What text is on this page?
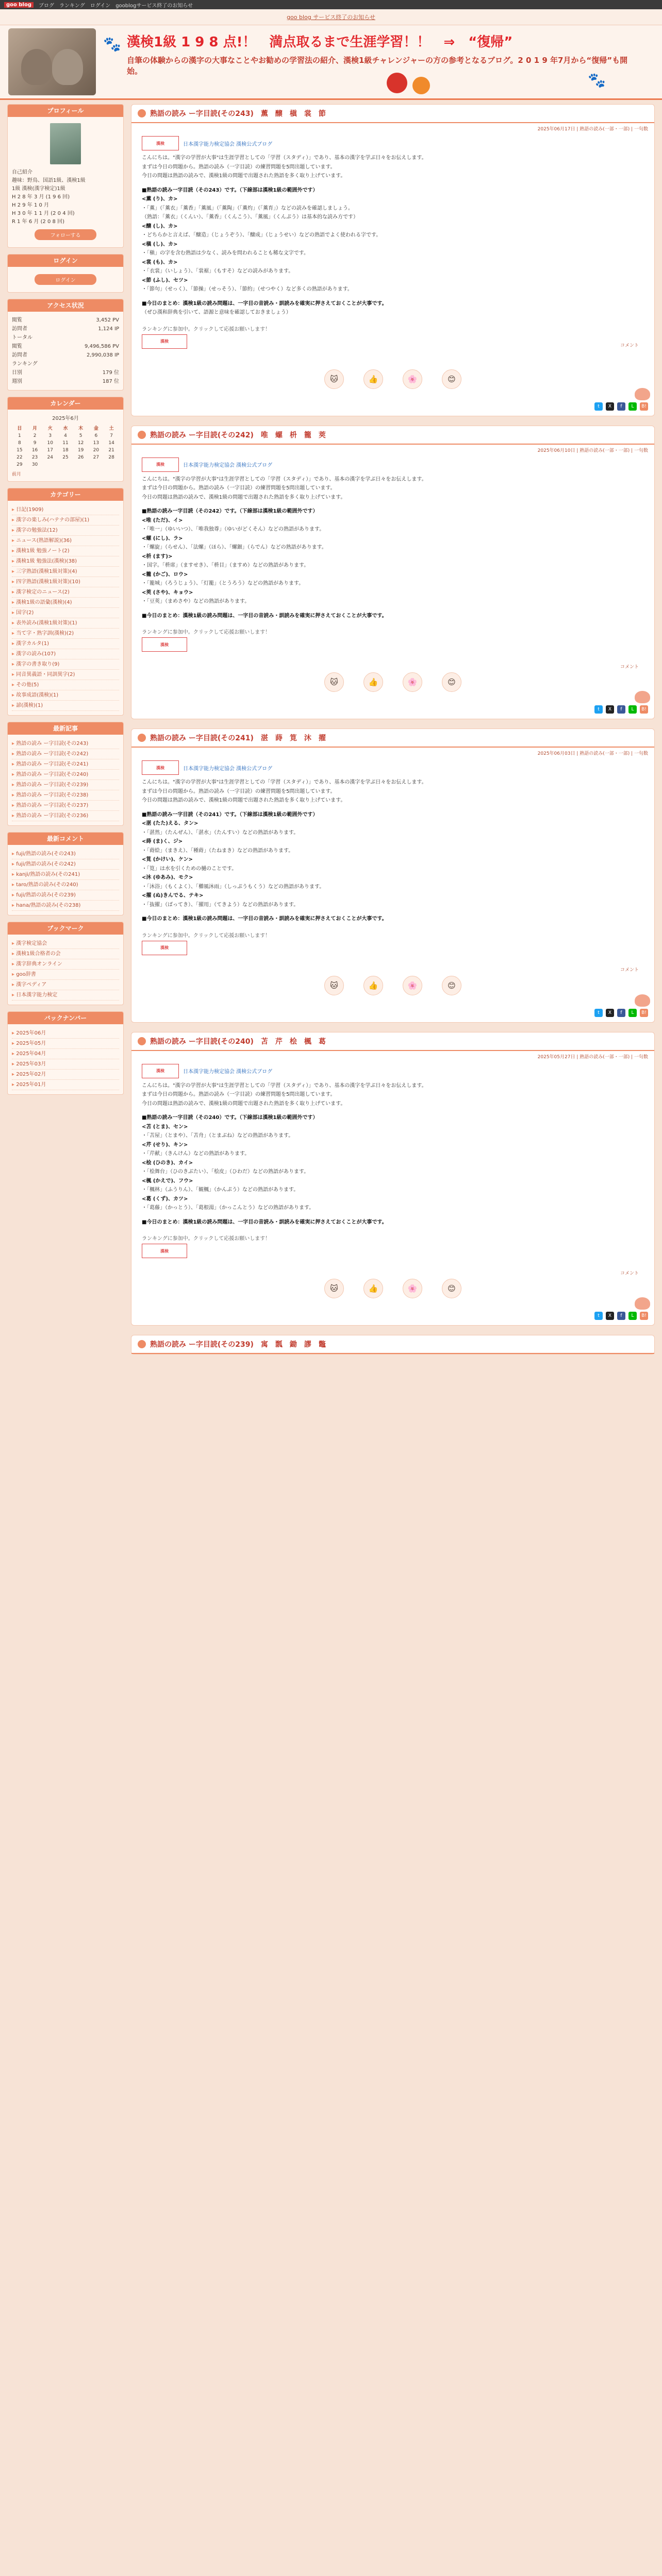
goo blog	ブログ ランキング ログイン gooblogサービス終了のお知らせ
goo blog サービス終了のお知らせ
漢検1級 1 9 8 点!！　満点取るまで生涯学習！！　⇒　“復帰”
自筆の体験からの漢字の大事なことやお勧めの学習法の紹介、漢検1級チャレンジャーの方の参考となるブログ。2 0 1 9 年7月から“復帰”も開始。
🐾
🐾
プロフィール
自己紹介
趣味：野鳥、国語1級、漢検1級
1級 漢検(漢字検定)1級
H 2 8 年 3 月 (1 9 6 回)
H 2 9 年 1 0 月
H 3 0 年 1 1 月 (2 0 4 回)
R 1 年 6 月 (2 0 8 回)
フォローする
ログイン
ログイン
アクセス状況
閲覧	3,452 PV
訪問者	1,124 IP
トータル
閲覧	9,496,586 PV
訪問者	2,990,038 IP
ランキング
日別	179 位
週別	187 位
カレンダー
2025年6月
日	月	火	水	木	金	土
1	2	3	4	5	6	7
8	9	10	11	12	13	14
15	16	17	18	19	20	21
22	23	24	25	26	27	28
29	30					
前月
カテゴリー
▸ 日記(1909)
▸ 漢字の楽しみ(ハテナの部屋)(1)
▸ 漢字の勉強法(12)
▸ ニュース(熟語解説)(36)
▸ 漢検1級 勉強ノート(2)
▸ 漢検1級 勉強法(漢検)(38)
▸ 三字熟語(漢検1級対策)(4)
▸ 四字熟語(漢検1級対策)(10)
▸ 漢字検定のニュース(2)
▸ 漢検1級の語彙(漢検)(4)
▸ 国字(2)
▸ 表外読み(漢検1級対策)(1)
▸ 当て字・熟字訓(漢検)(2)
▸ 漢字カルタ(1)
▸ 漢字の読み(107)
▸ 漢字の書き取り(9)
▸ 同音異義語・同訓異字(2)
▸ その他(5)
▸ 故事成語(漢検)(1)
▸ 諺(漢検)(1)
最新記事
▸ 熟語の読み ー字目読(その243)
▸ 熟語の読み ー字目読(その242)
▸ 熟語の読み ー字目読(その241)
▸ 熟語の読み ー字目読(その240)
▸ 熟語の読み ー字目読(その239)
▸ 熟語の読み ー字目読(その238)
▸ 熟語の読み ー字目読(その237)
▸ 熟語の読み ー字目読(その236)
最新コメント
▸ fuji/熟語の読み(その243)
▸ fuji/熟語の読み(その242)
▸ kanji/熟語の読み(その241)
▸ taro/熟語の読み(その240)
▸ fuji/熟語の読み(その239)
▸ hana/熟語の読み(その238)
ブックマーク
▸ 漢字検定協会
▸ 漢検1級合格者の会
▸ 漢字辞典オンライン
▸ goo辞書
▸ 漢字ペディア
▸ 日本漢字能力検定
バックナンバー
▸ 2025年06月
▸ 2025年05月
▸ 2025年04月
▸ 2025年03月
▸ 2025年02月
▸ 2025年01月
熟語の読み ー字目読(その243)　薫　醸　槇　裳　節
2025年06月17日 | 熟語の読み(一部・一部) | 一句数
漢検	日本漢字能力検定協会 漢検公式ブログ

こんにちは。"漢字の学習が大事"は生涯学習としての「学習（スタディ）」であり、基本の漢字を学ぶ日々をお伝えします。

まずは今日の問題から。熟語の読み（一字目読）の練習問題を5問出題しています。

今日の問題は熟語の読みで、漢検1級の問題で出題された熟語を多く取り上げています。

■熟語の読み一字目読（その243）です。（下線部は漢検1級の範囲外です）

<薫 (り)、カ>

・「薫」（「薫衣」「薫香」「薫風」（「薫陶」（「薫灼」（「薫育」）などの読みを確認しましょう。

（熟語：「薫衣」（くんい）、「薫香」（くんこう）、「薫風」（くんぷう）は基本的な読み方です）

<醸 (し)、カ>

・どちらかと言えば、「醸造」（じょうぞう）、「醸成」（じょうせい）などの熟語でよく使われる字です。

<槇 (し)、カ>

・「槇」の字を含む熟語は少なく、読みを問われることも稀な文字です。

<裳 (も)、カ>

・「衣裳」（いしょう）、「裳裾」（もすそ）などの読みがあります。

<節 (ふし)、セツ>

・「節句」（せっく）、「節操」（せっそう）、「節約」（せつやく）など多くの熟語があります。

■今日のまとめ：漢検1級の読み問題は、一字目の音読み・訓読みを確実に押さえておくことが大事です。

（ぜひ漢和辞典を引いて、語源と意味を確認しておきましょう）

ランキングに参加中。クリックして応援お願いします！
漢検
🐱	👍	🌸	😊
コメント
t	X	f	L	B!
熟語の読み ー字目読(その242)　唯　螺　枡　籠　莢
2025年06月10日 | 熟語の読み(一部・一部) | 一句数
漢検	日本漢字能力検定協会 漢検公式ブログ

こんにちは。"漢字の学習が大事"は生涯学習としての「学習（スタディ）」であり、基本の漢字を学ぶ日々をお伝えします。

まずは今日の問題から。熟語の読み（一字目読）の練習問題を5問出題しています。

今日の問題は熟語の読みで、漢検1級の問題で出題された熟語を多く取り上げています。

■熟語の読み一字目読（その242）です。（下線部は漢検1級の範囲外です）

<唯 (ただ)、イ>

・「唯一」（ゆいいつ）、「唯我独尊」（ゆいがどくそん）などの熟語があります。

<螺 (にし)、ラ>

・「螺旋」（らせん）、「法螺」（ほら）、「螺鈿」（らでん）などの熟語があります。

<枡 (ます)>

・国字。「枡席」（ますせき）、「枡目」（ますめ）などの熟語があります。

<籠 (かご)、ロウ>

・「籠城」（ろうじょう）、「灯籠」（とうろう）などの熟語があります。

<莢 (さや)、キョウ>

・「豆莢」（まめさや）などの熟語があります。

■今日のまとめ：漢検1級の読み問題は、一字目の音読み・訓読みを確実に押さえておくことが大事です。

ランキングに参加中。クリックして応援お願いします！
漢検
🐱	👍	🌸	😊
コメント
t	X	f	L	B!
熟語の読み ー字目読(その241)　湛　蒔　筧　沐　擢
2025年06月03日 | 熟語の読み(一部・一部) | 一句数
漢検	日本漢字能力検定協会 漢検公式ブログ

こんにちは。"漢字の学習が大事"は生涯学習としての「学習（スタディ）」であり、基本の漢字を学ぶ日々をお伝えします。

まずは今日の問題から。熟語の読み（一字目読）の練習問題を5問出題しています。

今日の問題は熟語の読みで、漢検1級の問題で出題された熟語を多く取り上げています。

■熟語の読み一字目読（その241）です。（下線部は漢検1級の範囲外です）

<湛 (たた)える、タン>

・「湛然」（たんぜん）、「湛水」（たんすい）などの熟語があります。

<蒔 (ま)く、ジ>

・「蒔絵」（まきえ）、「種蒔」（たねまき）などの熟語があります。

<筧 (かけい)、ケン>

・「筧」は水を引くための樋のことです。

<沐 (ゆあみ)、モク>

・「沐浴」（もくよく）、「櫛風沐雨」（しっぷうもくう）などの熟語があります。

<擢 (ぬ)きんでる、テキ>

・「抜擢」（ばってき）、「擢用」（てきよう）などの熟語があります。

■今日のまとめ：漢検1級の読み問題は、一字目の音読み・訓読みを確実に押さえておくことが大事です。

ランキングに参加中。クリックして応援お願いします！
漢検
🐱	👍	🌸	😊
コメント
t	X	f	L	B!
熟語の読み ー字目読(その240)　苫　芹　桧　楓　葛
2025年05月27日 | 熟語の読み(一部・一部) | 一句数
漢検	日本漢字能力検定協会 漢検公式ブログ

こんにちは。"漢字の学習が大事"は生涯学習としての「学習（スタディ）」であり、基本の漢字を学ぶ日々をお伝えします。

まずは今日の問題から。熟語の読み（一字目読）の練習問題を5問出題しています。

今日の問題は熟語の読みで、漢検1級の問題で出題された熟語を多く取り上げています。

■熟語の読み一字目読（その240）です。（下線部は漢検1級の範囲外です）

<苫 (とま)、セン>

・「苫屋」（とまや）、「苫舟」（とまぶね）などの熟語があります。

<芹 (せり)、キン>

・「芹献」（きんけん）などの熟語があります。

<桧 (ひのき)、カイ>

・「桧舞台」（ひのきぶたい）、「桧皮」（ひわだ）などの熟語があります。

<楓 (かえで)、フウ>

・「楓林」（ふうりん）、「観楓」（かんぷう）などの熟語があります。

<葛 (くず)、カツ>

・「葛藤」（かっとう）、「葛根湯」（かっこんとう）などの熟語があります。

■今日のまとめ：漢検1級の読み問題は、一字目の音読み・訓読みを確実に押さえておくことが大事です。

ランキングに参加中。クリックして応援お願いします！
漢検
🐱	👍	🌸	😊
コメント
t	X	f	L	B!
熟語の読み ー字目読(その239)　寓　瓢　鋤　謬　鼈
